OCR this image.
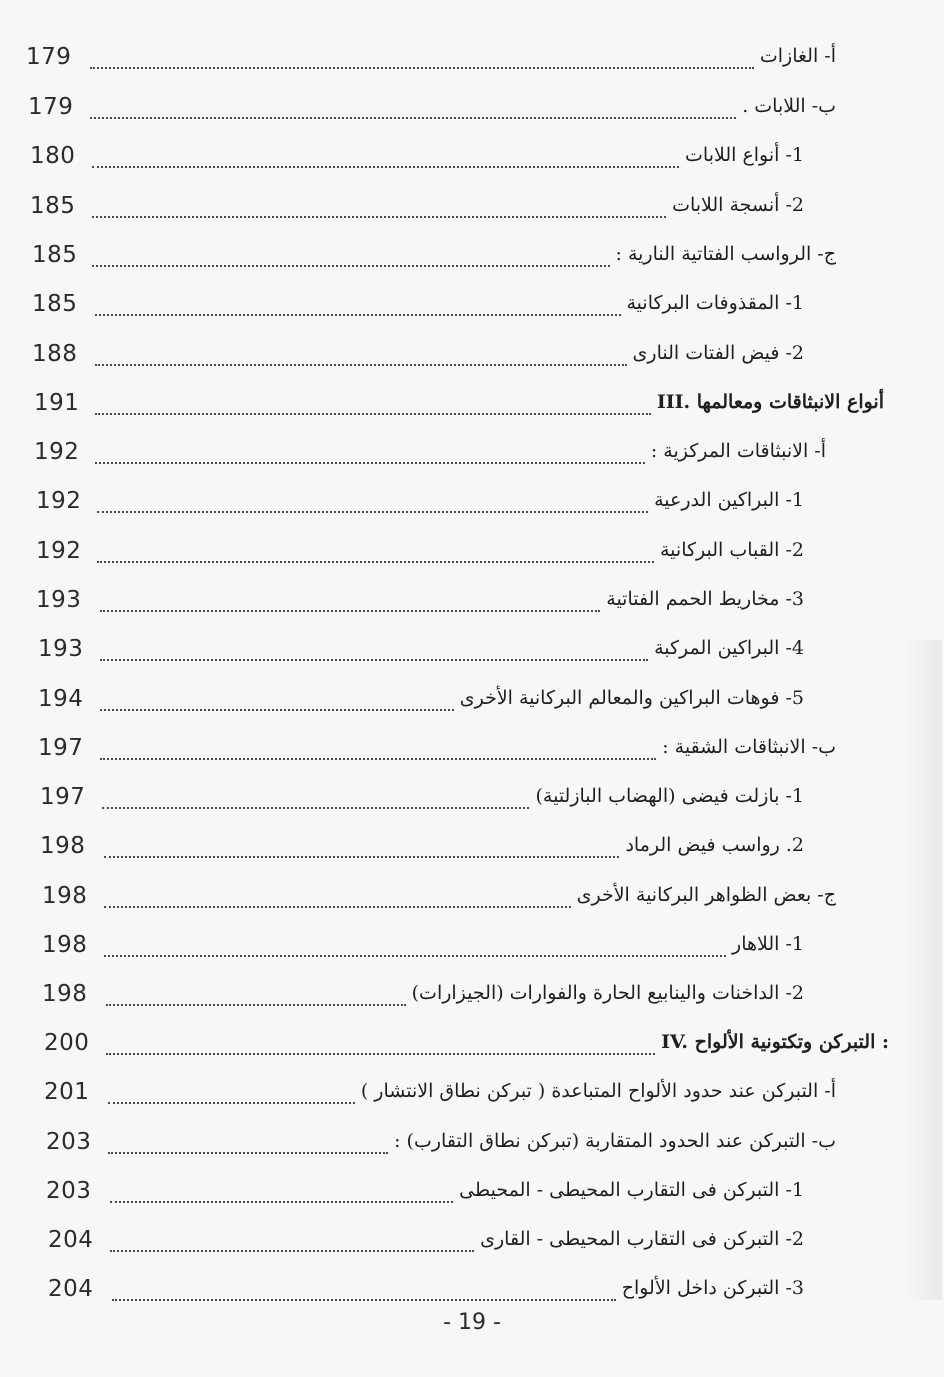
179	أ- الغازات
179	ب- اللابات .
180	1- أنواع اللابات
185	2- أنسجة اللابات
185	ج- الرواسب الفتاتية النارية :
185	1- المقذوفات البركانية
188	2- فيض الفتات النارى
191	III. أنواع الانبثاقات ومعالمها
192	أ- الانبثاقات المركزية :
192	1- البراكين الدرعية
192	2- القباب البركانية
193	3- مخاريط الحمم الفتاتية
193	4- البراكين المركبة
194	5- فوهات البراكين والمعالم البركانية الأخرى
197	ب- الانبثاقات الشقية :
197	1- بازلت فيضى (الهضاب البازلتية)
198	2. رواسب فيض الرماد
198	ج- بعض الظواهر البركانية الأخرى
198	1- اللاهار
198	2- الداخنات والينابيع الحارة والفوارات (الجيزارات)
200	IV. التبركن وتكتونية الألواح :
201	أ- التبركن عند حدود الألواح المتباعدة ( تبركن نطاق الانتشار )
203	ب- التبركن عند الحدود المتقاربة (تبركن نطاق التقارب) :
203	1- التبركن فى التقارب المحيطى - المحيطى
204	2- التبركن فى التقارب المحيطى - القارى
204	3- التبركن داخل الألواح
- 19 -
